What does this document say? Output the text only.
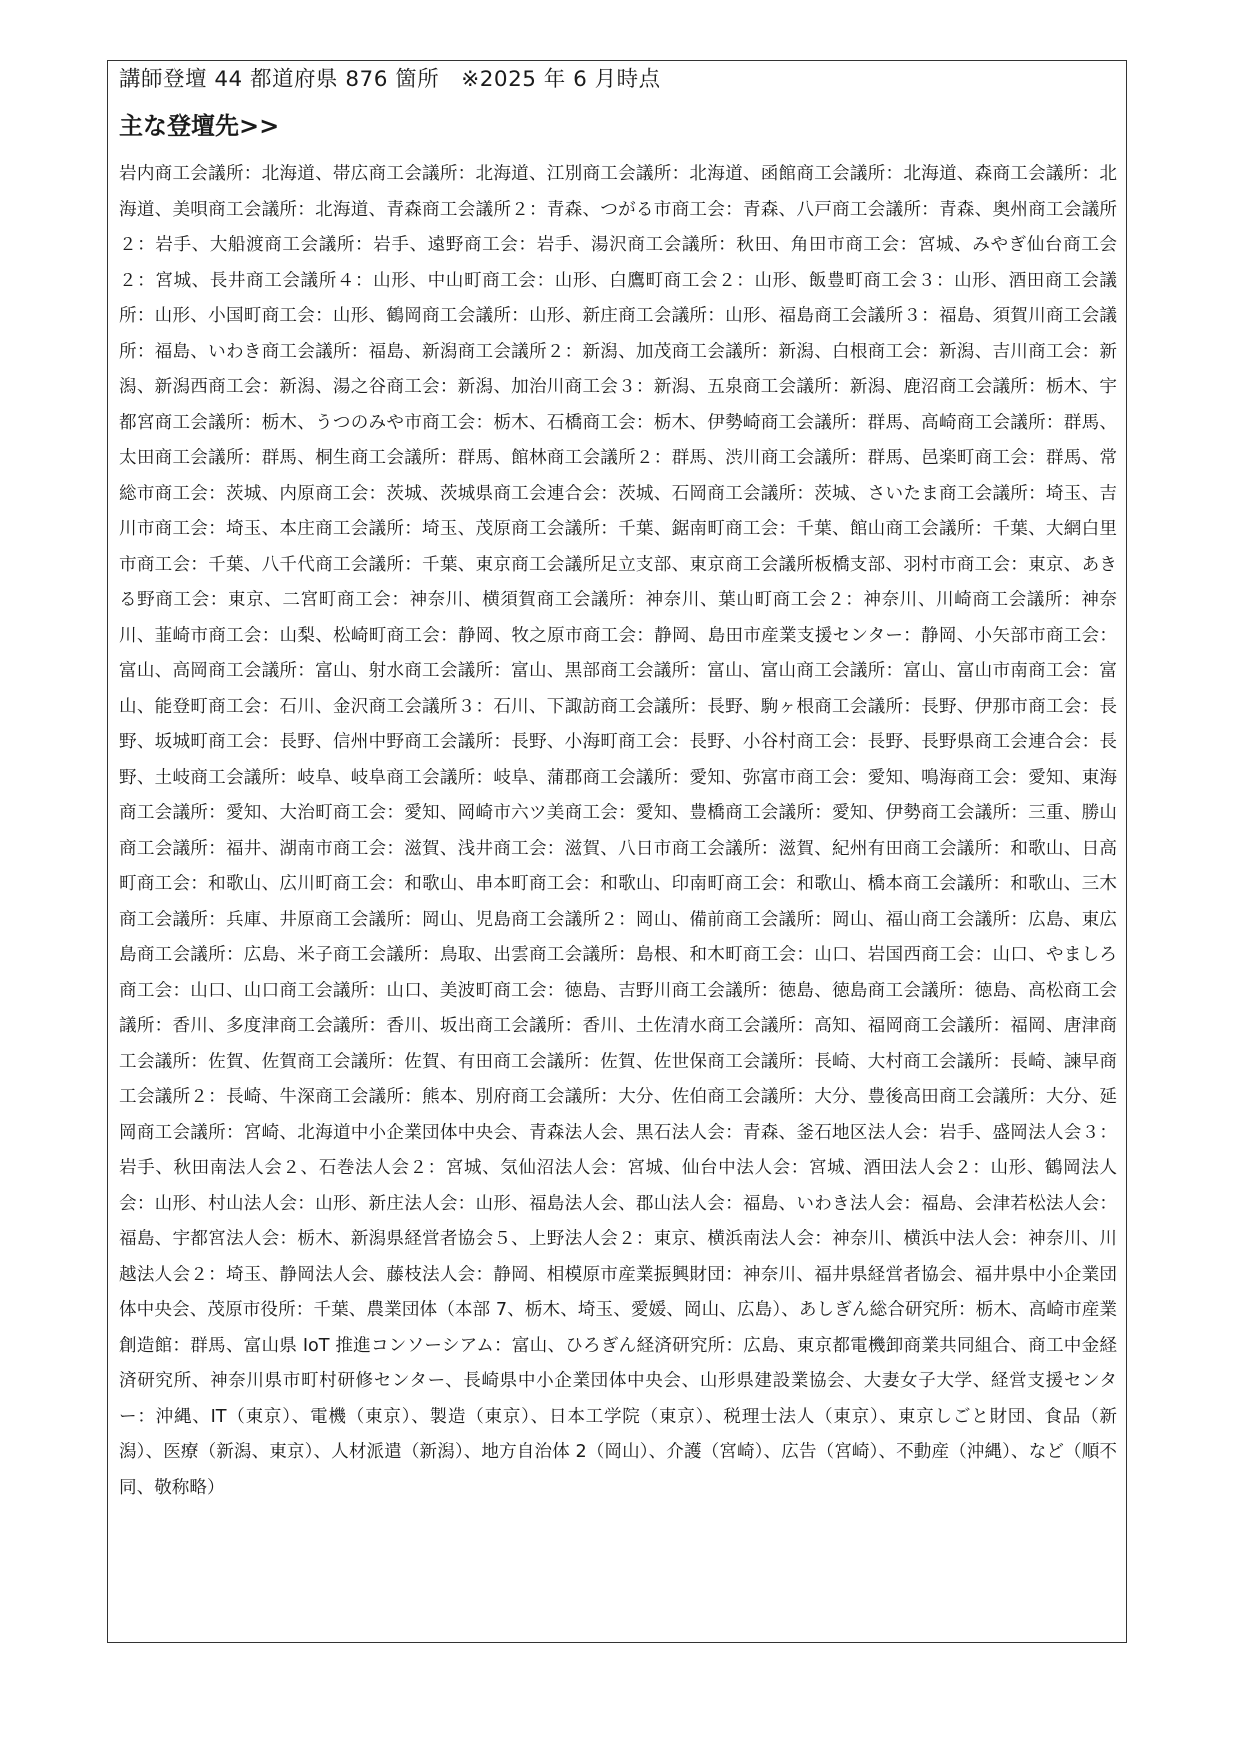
講師登壇 44 都道府県 876 箇所　※2025 年 6 月時点

主な登壇先>>

岩内商工会議所：北海道、帯広商工会議所：北海道、江別商工会議所：北海道、函館商工会議所：北海道、森商工会議所：北海道、美唄商工会議所：北海道、青森商工会議所２：青森、つがる市商工会：青森、八戸商工会議所：青森、奥州商工会議所２：岩手、大船渡商工会議所：岩手、遠野商工会：岩手、湯沢商工会議所：秋田、角田市商工会：宮城、みやぎ仙台商工会２：宮城、長井商工会議所４：山形、中山町商工会：山形、白鷹町商工会２：山形、飯豊町商工会３：山形、酒田商工会議所：山形、小国町商工会：山形、鶴岡商工会議所：山形、新庄商工会議所：山形、福島商工会議所３：福島、須賀川商工会議所：福島、いわき商工会議所：福島、新潟商工会議所２：新潟、加茂商工会議所：新潟、白根商工会：新潟、吉川商工会：新潟、新潟西商工会：新潟、湯之谷商工会：新潟、加治川商工会３：新潟、五泉商工会議所：新潟、鹿沼商工会議所：栃木、宇都宮商工会議所：栃木、うつのみや市商工会：栃木、石橋商工会：栃木、伊勢崎商工会議所：群馬、高崎商工会議所：群馬、太田商工会議所：群馬、桐生商工会議所：群馬、館林商工会議所２：群馬、渋川商工会議所：群馬、邑楽町商工会：群馬、常総市商工会：茨城、内原商工会：茨城、茨城県商工会連合会：茨城、石岡商工会議所：茨城、さいたま商工会議所：埼玉、吉川市商工会：埼玉、本庄商工会議所：埼玉、茂原商工会議所：千葉、鋸南町商工会：千葉、館山商工会議所：千葉、大網白里市商工会：千葉、八千代商工会議所：千葉、東京商工会議所足立支部、東京商工会議所板橋支部、羽村市商工会：東京、あきる野商工会：東京、二宮町商工会：神奈川、横須賀商工会議所：神奈川、葉山町商工会２：神奈川、川崎商工会議所：神奈川、韮崎市商工会：山梨、松崎町商工会：静岡、牧之原市商工会：静岡、島田市産業支援センター：静岡、小矢部市商工会：富山、高岡商工会議所：富山、射水商工会議所：富山、黒部商工会議所：富山、富山商工会議所：富山、富山市南商工会：富山、能登町商工会：石川、金沢商工会議所３：石川、下諏訪商工会議所：長野、駒ヶ根商工会議所：長野、伊那市商工会：長野、坂城町商工会：長野、信州中野商工会議所：長野、小海町商工会：長野、小谷村商工会：長野、長野県商工会連合会：長野、土岐商工会議所：岐阜、岐阜商工会議所：岐阜、蒲郡商工会議所：愛知、弥富市商工会：愛知、鳴海商工会：愛知、東海商工会議所：愛知、大治町商工会：愛知、岡崎市六ツ美商工会：愛知、豊橋商工会議所：愛知、伊勢商工会議所：三重、勝山商工会議所：福井、湖南市商工会：滋賀、浅井商工会：滋賀、八日市商工会議所：滋賀、紀州有田商工会議所：和歌山、日高町商工会：和歌山、広川町商工会：和歌山、串本町商工会：和歌山、印南町商工会：和歌山、橋本商工会議所：和歌山、三木商工会議所：兵庫、井原商工会議所：岡山、児島商工会議所２：岡山、備前商工会議所：岡山、福山商工会議所：広島、東広島商工会議所：広島、米子商工会議所：鳥取、出雲商工会議所：島根、和木町商工会：山口、岩国西商工会：山口、やましろ商工会：山口、山口商工会議所：山口、美波町商工会：徳島、吉野川商工会議所：徳島、徳島商工会議所：徳島、高松商工会議所：香川、多度津商工会議所：香川、坂出商工会議所：香川、土佐清水商工会議所：高知、福岡商工会議所：福岡、唐津商工会議所：佐賀、佐賀商工会議所：佐賀、有田商工会議所：佐賀、佐世保商工会議所：長崎、大村商工会議所：長崎、諫早商工会議所２：長崎、牛深商工会議所：熊本、別府商工会議所：大分、佐伯商工会議所：大分、豊後高田商工会議所：大分、延岡商工会議所：宮崎、北海道中小企業団体中央会、青森法人会、黒石法人会：青森、釜石地区法人会：岩手、盛岡法人会３：岩手、秋田南法人会２、石巻法人会２：宮城、気仙沼法人会：宮城、仙台中法人会：宮城、酒田法人会２：山形、鶴岡法人会：山形、村山法人会：山形、新庄法人会：山形、福島法人会、郡山法人会：福島、いわき法人会：福島、会津若松法人会：福島、宇都宮法人会：栃木、新潟県経営者協会５、上野法人会２：東京、横浜南法人会：神奈川、横浜中法人会：神奈川、川越法人会２：埼玉、静岡法人会、藤枝法人会：静岡、相模原市産業振興財団：神奈川、福井県経営者協会、福井県中小企業団体中央会、茂原市役所：千葉、農業団体（本部 7、栃木、埼玉、愛媛、岡山、広島）、あしぎん総合研究所：栃木、高崎市産業創造館：群馬、富山県 IoT 推進コンソーシアム：富山、ひろぎん経済研究所：広島、東京都電機卸商業共同組合、商工中金経済研究所、神奈川県市町村研修センター、長崎県中小企業団体中央会、山形県建設業協会、大妻女子大学、経営支援センター：沖縄、IT（東京）、電機（東京）、製造（東京）、日本工学院（東京）、税理士法人（東京）、東京しごと財団、食品（新潟）、医療（新潟、東京）、人材派遣（新潟）、地方自治体 2（岡山）、介護（宮崎）、広告（宮崎）、不動産（沖縄）、など（順不同、敬称略）
